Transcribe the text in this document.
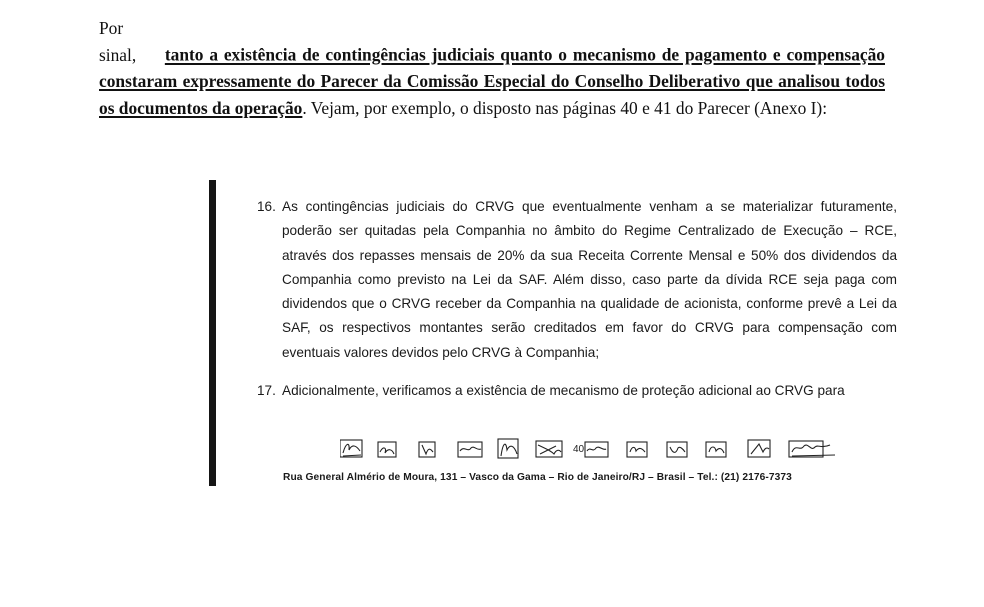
Por sinal, tanto a existência de contingências judiciais quanto o mecanismo de pagamento e compensação constaram expressamente do Parecer da Comissão Especial do Conselho Deliberativo que analisou todos os documentos da operação. Vejam, por exemplo, o disposto nas páginas 40 e 41 do Parecer (Anexo I):
16. As contingências judiciais do CRVG que eventualmente venham a se materializar futuramente, poderão ser quitadas pela Companhia no âmbito do Regime Centralizado de Execução – RCE, através dos repasses mensais de 20% da sua Receita Corrente Mensal e 50% dos dividendos da Companhia como previsto na Lei da SAF. Além disso, caso parte da dívida RCE seja paga com dividendos que o CRVG receber da Companhia na qualidade de acionista, conforme prevê a Lei da SAF, os respectivos montantes serão creditados em favor do CRVG para compensação com eventuais valores devidos pelo CRVG à Companhia;
17. Adicionalmente, verificamos a existência de mecanismo de proteção adicional ao CRVG para
40
Rua General Almério de Moura, 131 – Vasco da Gama – Rio de Janeiro/RJ – Brasil – Tel.: (21) 2176-7373
